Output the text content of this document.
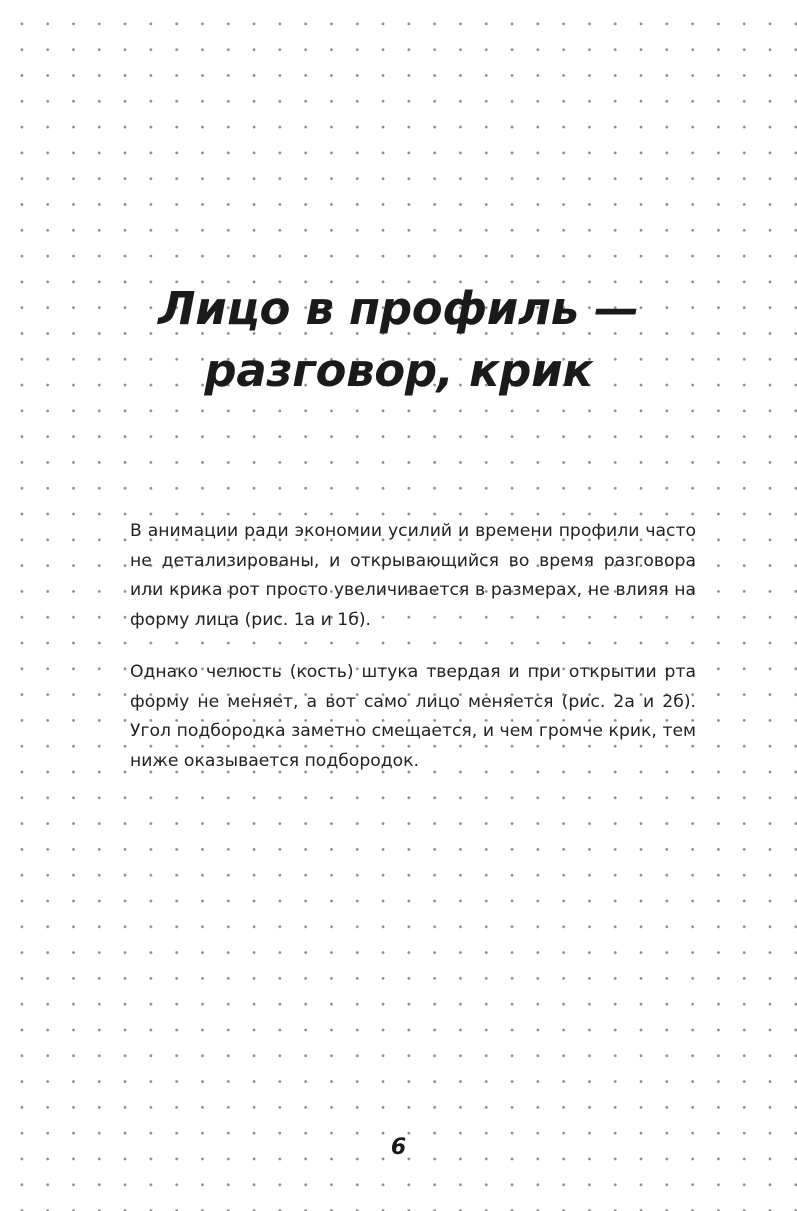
Лицо в профиль —
разговор, крик

В анимации ради экономии усилий и времени профили часто не детализированы, и открывающийся во время разговора или крика рот просто увеличивается в размерах, не влияя на форму лица (рис. 1а и 1б).

Однако челюсть (кость) штука твердая и при открытии рта форму не меняет, а вот само лицо меняется (рис. 2а и 2б). Угол подбородка заметно смещается, и чем громче крик, тем ниже оказывается подбородок.

6
